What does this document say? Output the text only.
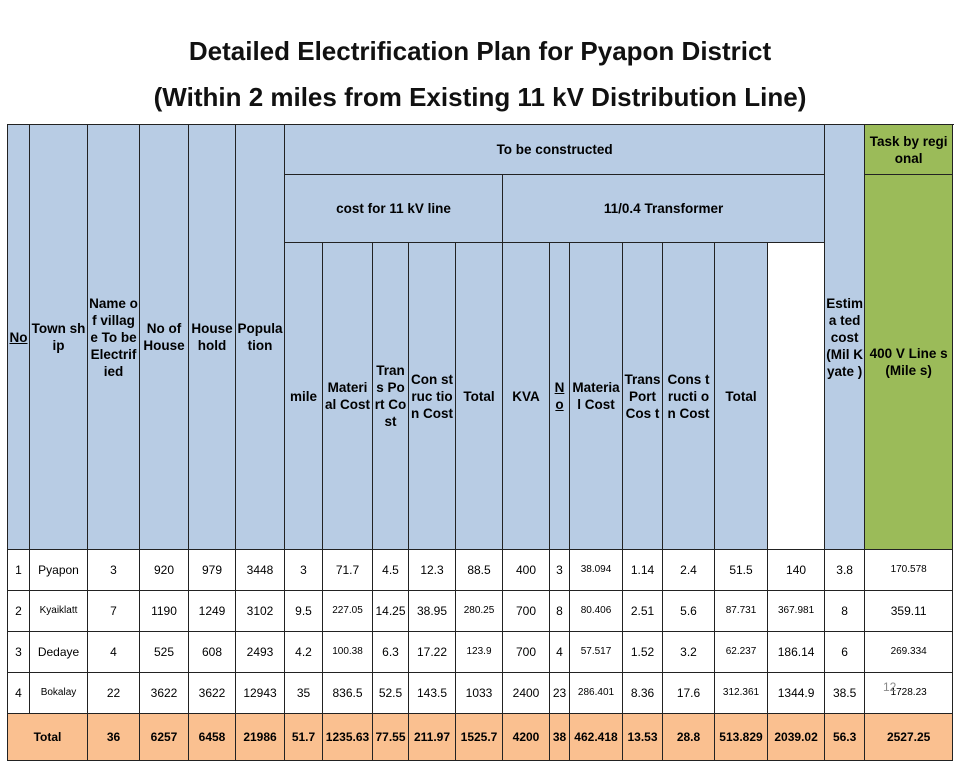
Detailed Electrification Plan for Pyapon District
(Within 2 miles from Existing 11 kV Distribution Line)
No	Town ship	Name of village To be Electrified	No of House	House hold	Population	To be constructed												Estim a ted cost (Mil Kyate )	Task by regional	
						cost for 11 kV line					11/0.4 Transformer								400 V Line s (Mile s)	
						mile	Material Cost	Trans Port Cost	Con st ruc tion Cost	Total	KVA	No	Material Cost	Trans Port Cos t	Cons t ructi on Cost	Total				
1	Pyapon	3	920	979	3448	3	71.7	4.5	12.3	88.5	400	3	38.094	1.14	2.4	51.5	140	3.8	170.578	
2	Kyaiklatt	7	1190	1249	3102	9.5	227.05	14.25	38.95	280.25	700	8	80.406	2.51	5.6	87.731	367.981	8	359.11	
3	Dedaye	4	525	608	2493	4.2	100.38	6.3	17.22	123.9	700	4	57.517	1.52	3.2	62.237	186.14	6	269.334	
4	Bokalay	22	3622	3622	12943	35	836.5	52.5	143.5	1033	2400	23	286.401	8.36	17.6	312.361	1344.9	38.5	1728.23	
Total		36	6257	6458	21986	51.7	1235.63	77.55	211.97	1525.7	4200	38	462.418	13.53	28.8	513.829	2039.02	56.3	2527.25	
12
